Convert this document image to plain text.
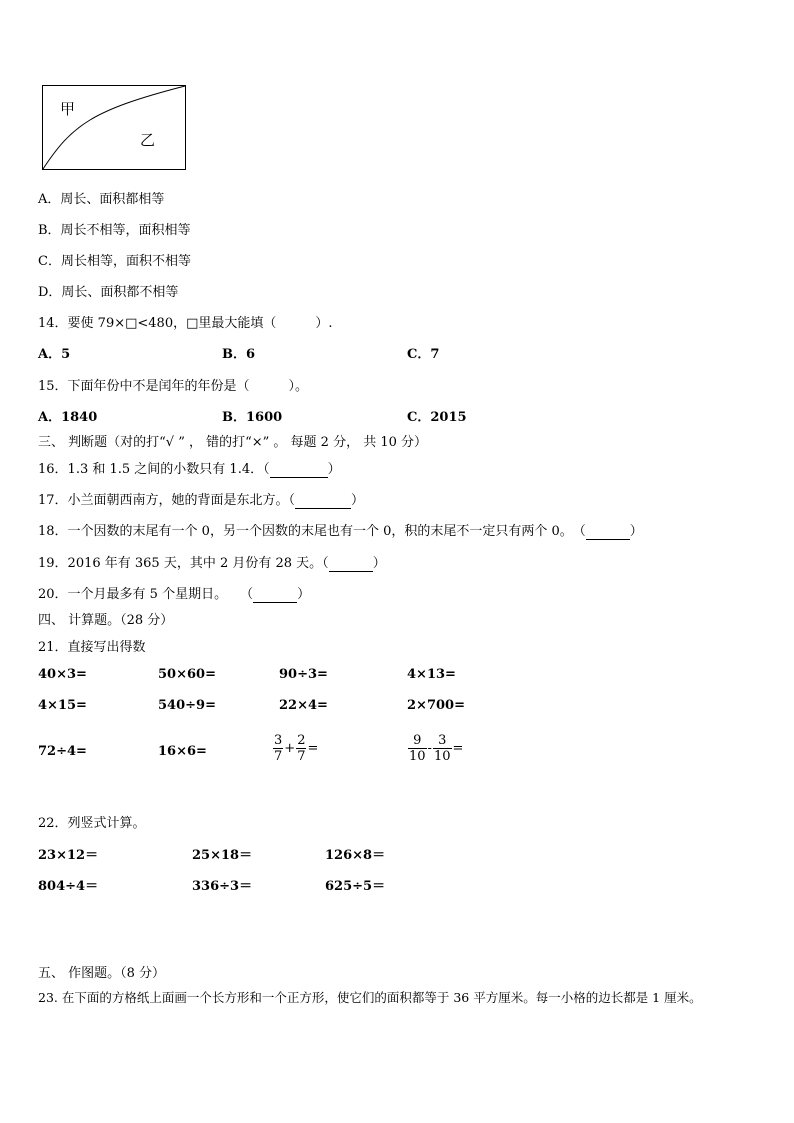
甲
乙
A．周长、面积都相等
B．周长不相等，面积相等
C．周长相等，面积不相等
D．周长、面积都不相等
14．要使 79×□<480，□里最大能填（　　　）.
A．5	B．6	C．7
15．下面年份中不是闰年的年份是（　　　）。
A．1840	B．1600	C．2015
三、 判断题（对的打“√ ” ， 错的打“×” 。 每题 2 分， 共 10 分）
16．1.3 和 1.5 之间的小数只有 1.4．（	）
17．小兰面朝西南方，她的背面是东北方。（	）
18．一个因数的末尾有一个 0，另一个因数的末尾也有一个 0，积的末尾不一定只有两个 0。　（	）
19．2016 年有 365 天，其中 2 月份有 28 天。（	）
20．一个月最多有 5 个星期日。　　（	）
四、 计算题。（28 分）
21．直接写出得数
40×3=	50×60=	90÷3=	4×13=
4×15=	540÷9=	22×4=	2×700=
72÷4=	16×6=	$\frac{3}{7} + \frac{2}{7}$ =	$\frac{9}{10} - \frac{3}{10}$ =
22．列竖式计算。
23×12＝	25×18＝	126×8＝
804÷4＝	336÷3＝	625÷5＝
五、 作图题。（8 分）
23. 在下面的方格纸上面画一个长方形和一个正方形，使它们的面积都等于 36 平方厘米。每一小格的边长都是 1 厘米。
